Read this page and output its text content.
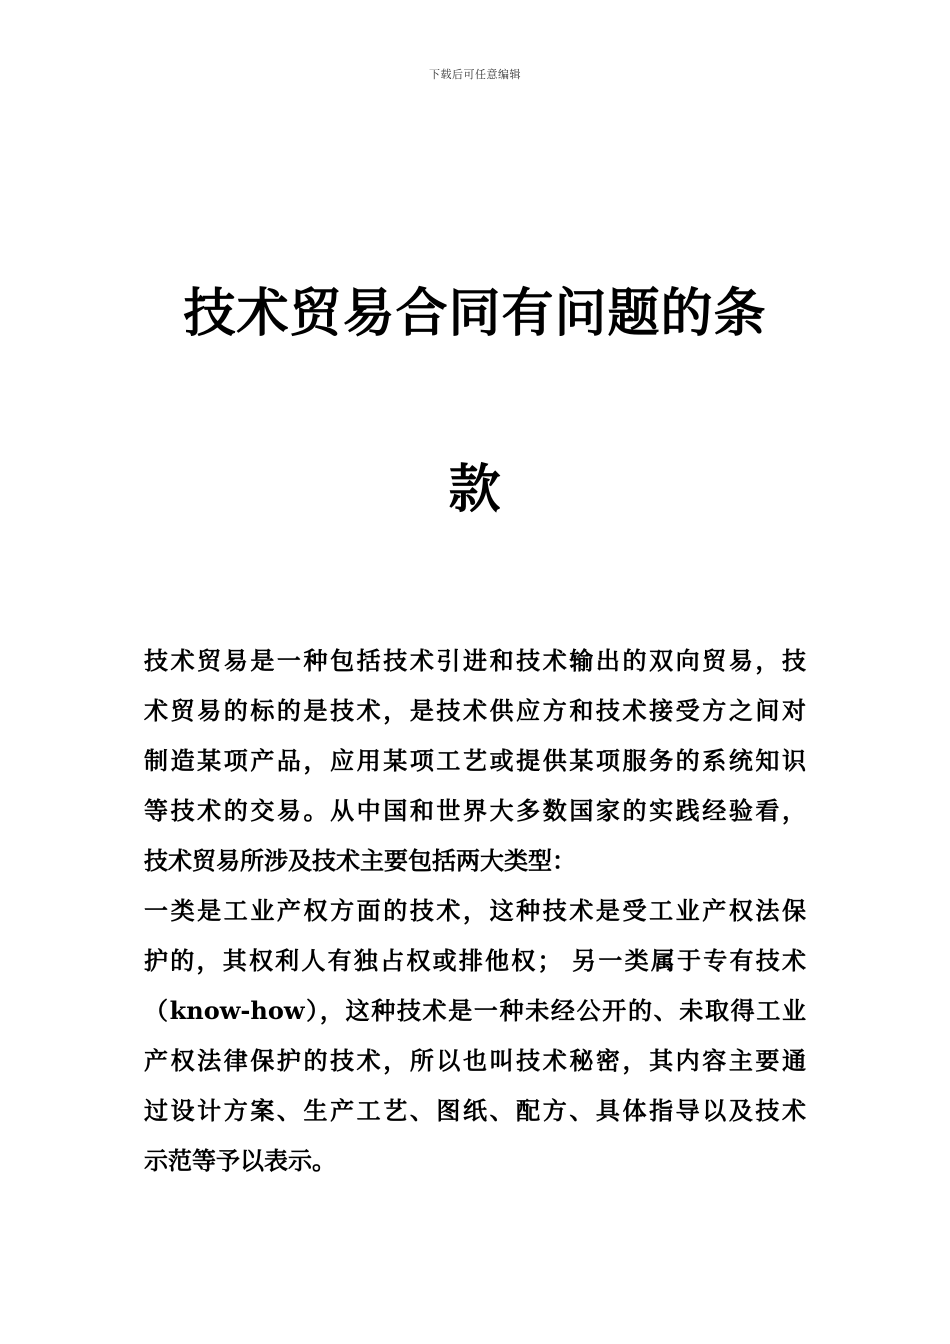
下载后可任意编辑
技术贸易合同有问题的条
款
技术贸易是一种包括技术引进和技术输出的双向贸易，技
术贸易的标的是技术，是技术供应方和技术接受方之间对
制造某项产品，应用某项工艺或提供某项服务的系统知识
等技术的交易。从中国和世界大多数国家的实践经验看，
技术贸易所涉及技术主要包括两大类型：
一类是工业产权方面的技术，这种技术是受工业产权法保
护的，其权利人有独占权或排他权； 另一类属于专有技术
（know-how），这种技术是一种未经公开的、未取得工业
产权法律保护的技术，所以也叫技术秘密，其内容主要通
过设计方案、生产工艺、图纸、配方、具体指导以及技术
示范等予以表示。
